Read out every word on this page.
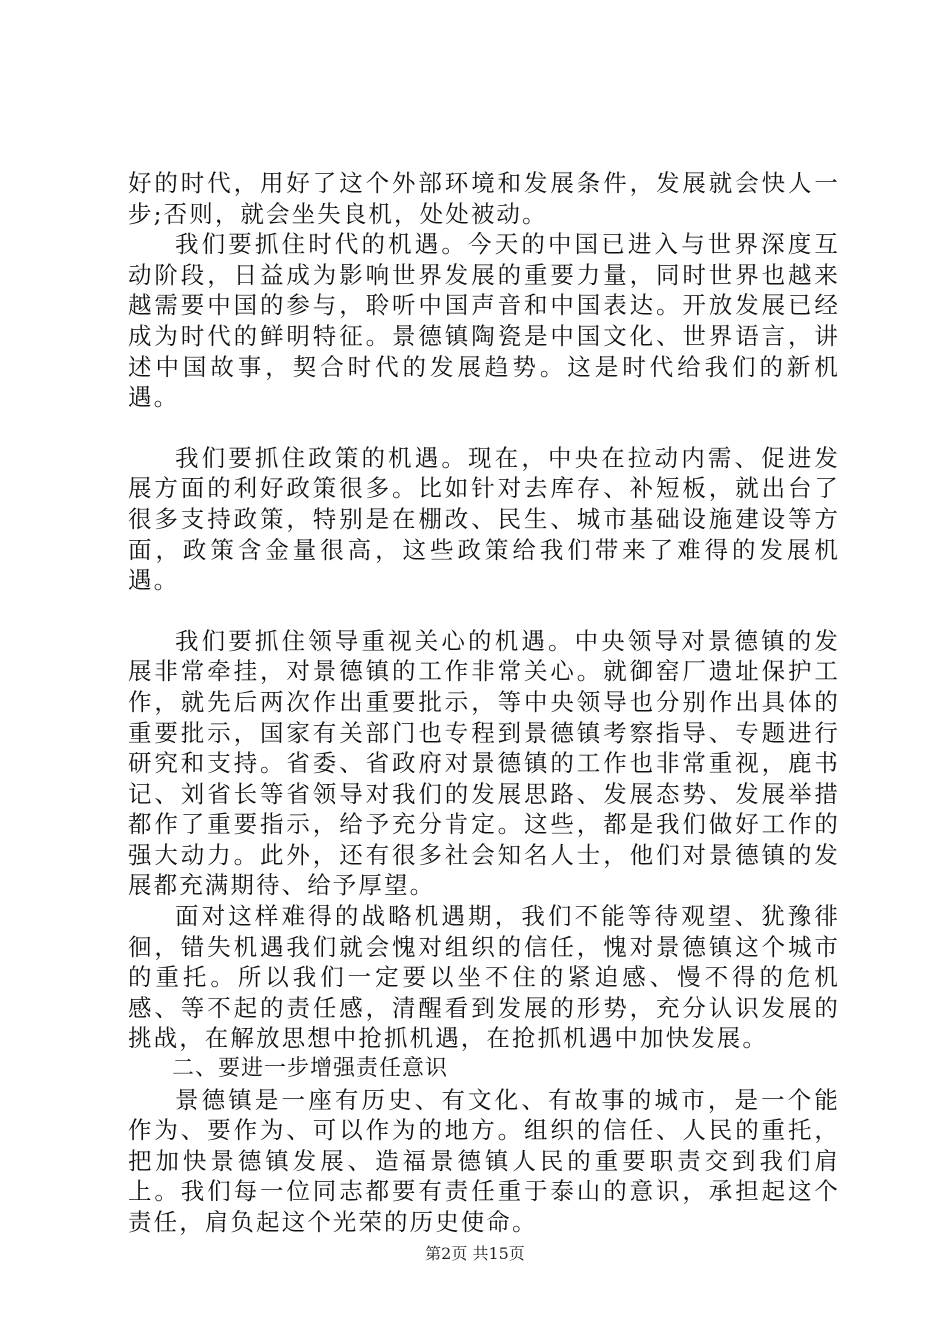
好的时代，用好了这个外部环境和发展条件，发展就会快人一步;否则，就会坐失良机，处处被动。

我们要抓住时代的机遇。今天的中国已进入与世界深度互动阶段，日益成为影响世界发展的重要力量，同时世界也越来越需要中国的参与，聆听中国声音和中国表达。开放发展已经成为时代的鲜明特征。景德镇陶瓷是中国文化、世界语言，讲述中国故事，契合时代的发展趋势。这是时代给我们的新机遇。

我们要抓住政策的机遇。现在，中央在拉动内需、促进发展方面的利好政策很多。比如针对去库存、补短板，就出台了很多支持政策，特别是在棚改、民生、城市基础设施建设等方面，政策含金量很高，这些政策给我们带来了难得的发展机遇。

我们要抓住领导重视关心的机遇。中央领导对景德镇的发展非常牵挂，对景德镇的工作非常关心。就御窑厂遗址保护工作，就先后两次作出重要批示，等中央领导也分别作出具体的重要批示，国家有关部门也专程到景德镇考察指导、专题进行研究和支持。省委、省政府对景德镇的工作也非常重视，鹿书记、刘省长等省领导对我们的发展思路、发展态势、发展举措都作了重要指示，给予充分肯定。这些，都是我们做好工作的强大动力。此外，还有很多社会知名人士，他们对景德镇的发展都充满期待、给予厚望。

面对这样难得的战略机遇期，我们不能等待观望、犹豫徘徊，错失机遇我们就会愧对组织的信任，愧对景德镇这个城市的重托。所以我们一定要以坐不住的紧迫感、慢不得的危机感、等不起的责任感，清醒看到发展的形势，充分认识发展的挑战，在解放思想中抢抓机遇，在抢抓机遇中加快发展。

二、要进一步增强责任意识

景德镇是一座有历史、有文化、有故事的城市，是一个能作为、要作为、可以作为的地方。组织的信任、人民的重托，把加快景德镇发展、造福景德镇人民的重要职责交到我们肩上。我们每一位同志都要有责任重于泰山的意识，承担起这个责任，肩负起这个光荣的历史使命。

第2页 共15页
